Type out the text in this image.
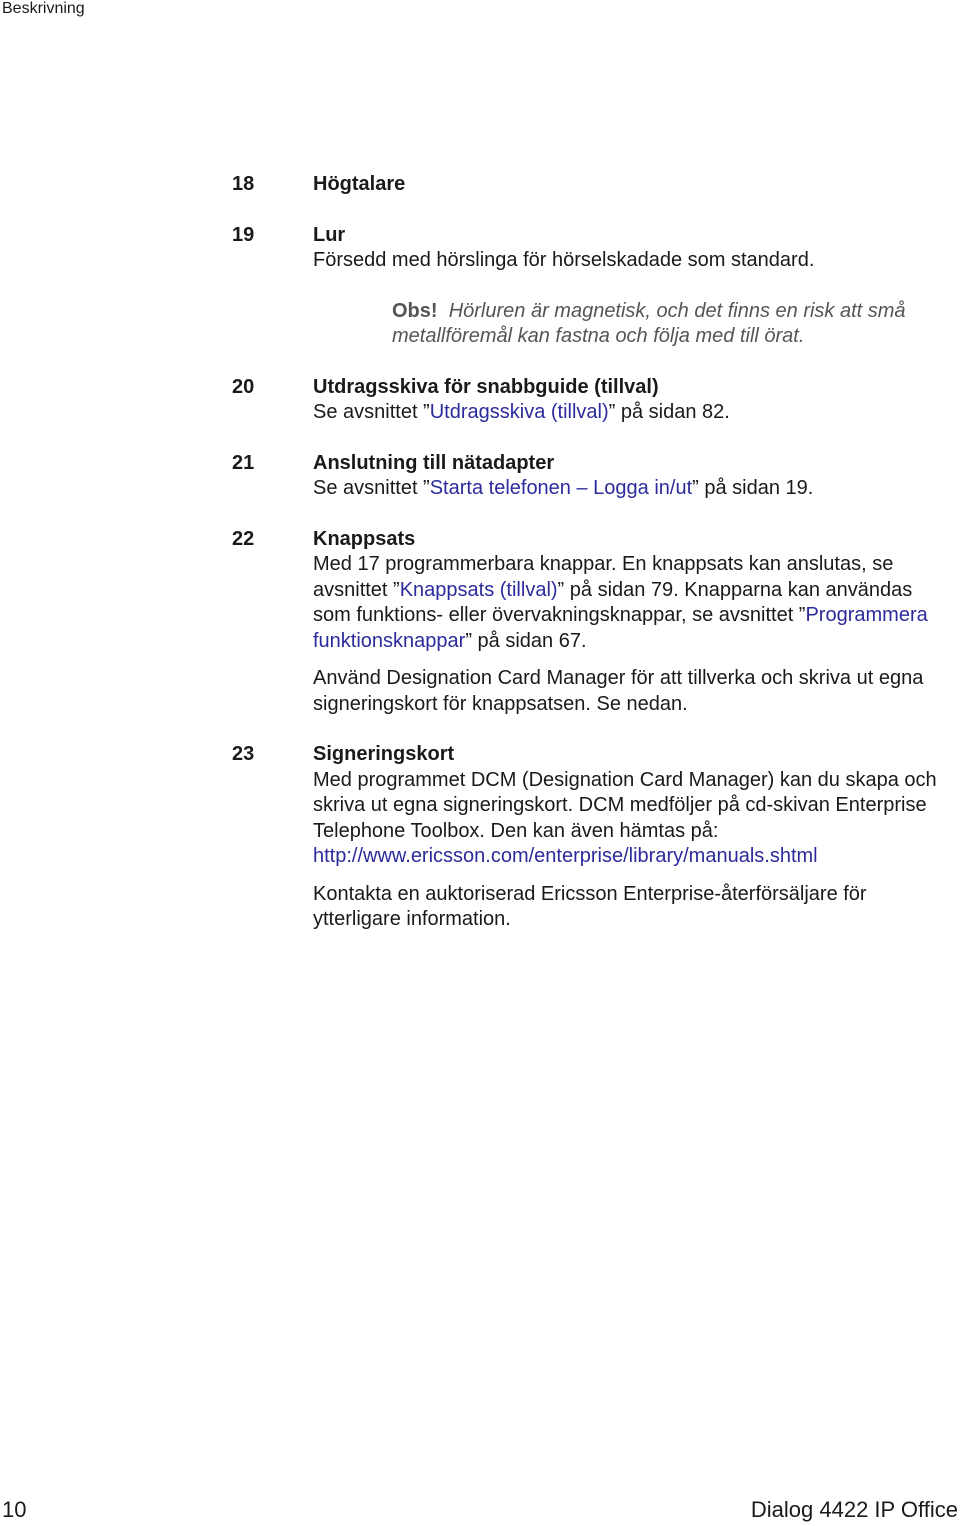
Beskrivning
18	Högtalare
19	Lur

Försedd med hörslinga för hörselskadade som standard.

Obs! Hörluren är magnetisk, och det finns en risk att små metallföremål kan fastna och följa med till örat.
20	Utdragsskiva för snabbguide (tillval)

Se avsnittet ”Utdragsskiva (tillval)” på sidan 82.

21	Anslutning till nätadapter

Se avsnittet ”Starta telefonen – Logga in/ut” på sidan 19.

22	Knappsats

Med 17 programmerbara knappar. En knappsats kan anslutas, se avsnittet ”Knappsats (tillval)” på sidan 79. Knapparna kan användas som funktions- eller övervakningsknappar, se avsnittet ”Programmera funktionsknappar” på sidan 67.

Använd Designation Card Manager för att tillverka och skriva ut egna signeringskort för knappsatsen. Se nedan.

23	Signeringskort

Med programmet DCM (Designation Card Manager) kan du skapa och skriva ut egna signeringskort. DCM medföljer på cd-skivan Enterprise Telephone Toolbox. Den kan även hämtas på:
http://www.ericsson.com/enterprise/library/manuals.shtml

Kontakta en auktoriserad Ericsson Enterprise-återförsäljare för ytterligare information.

10	Dialog 4422 IP Office
